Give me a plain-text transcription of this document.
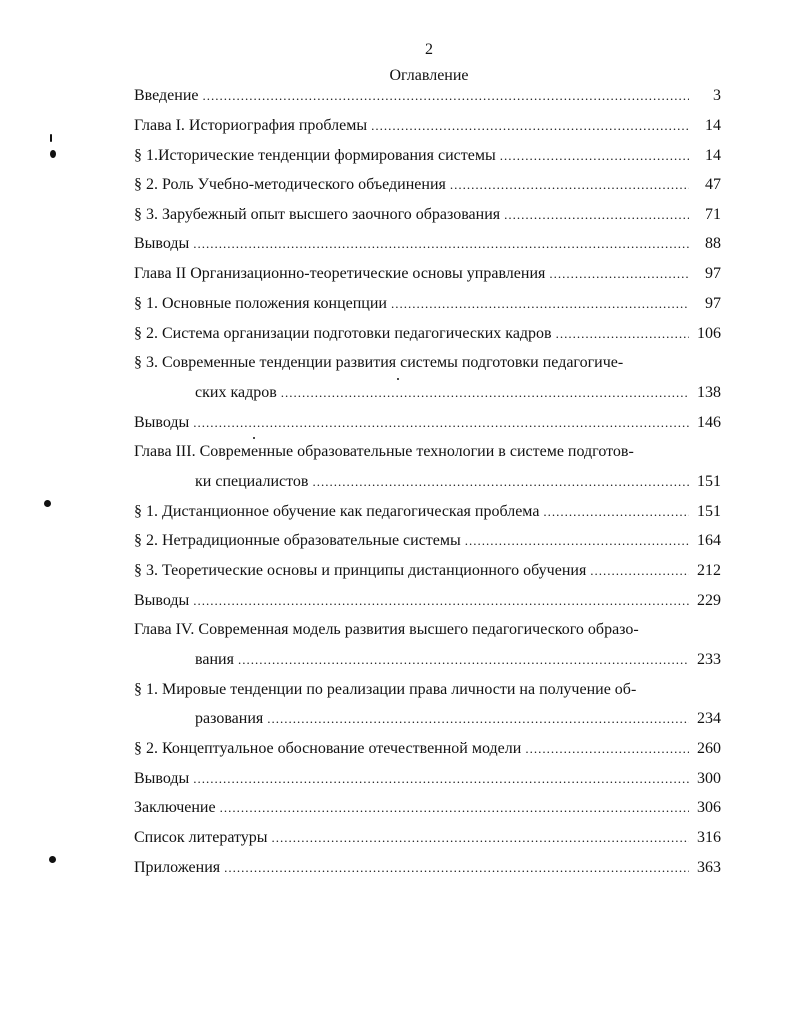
2
Оглавление
Введение .....	3
Глава I. Историография проблемы .....	14
§ 1.Исторические тенденции формирования системы .....	14
§ 2. Роль Учебно-методического объединения .....	47
§ 3. Зарубежный опыт высшего заочного образования .....	71
Выводы .....	88
Глава II Организационно-теоретические основы управления .....	97
§ 1. Основные положения концепции .....	97
§ 2. Система организации подготовки педагогических кадров .....	106
§ 3. Современные тенденции развития системы подготовки педагогиче-
ских кадров .....	138
Выводы .....	146
Глава III. Современные образовательные технологии в системе подготов-
ки специалистов .....	151
§ 1. Дистанционное обучение как педагогическая проблема .....	151
§ 2. Нетрадиционные образовательные системы .....	164
§ 3. Теоретические основы и принципы дистанционного обучения .....	212
Выводы .....	229
Глава IV. Современная модель развития высшего педагогического образо-
вания .....	233
§ 1. Мировые тенденции по реализации права личности на получение об-
разования .....	234
§ 2. Концептуальное обоснование отечественной модели .....	260
Выводы .....	300
Заключение .....	306
Список литературы .....	316
Приложения .....	363
